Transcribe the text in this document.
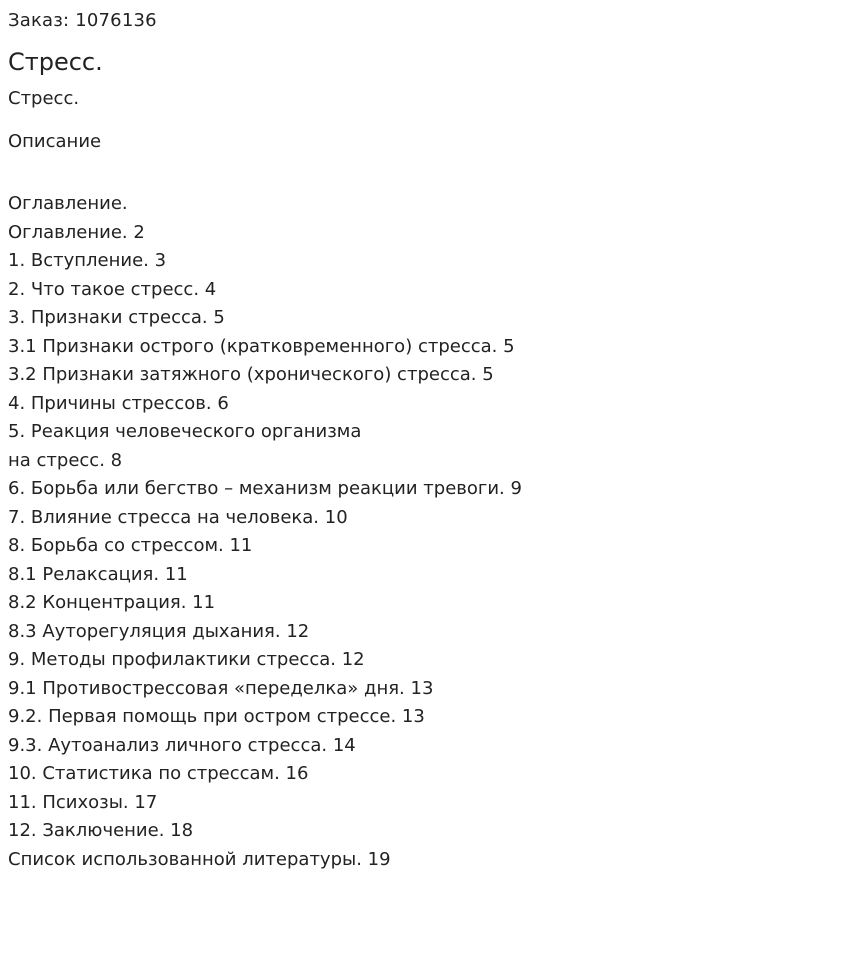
Заказ: 1076136
Стресс.
Стресс.
Описание
Оглавление.
Оглавление. 2
1. Вступление. 3
2. Что такое стресс. 4
3. Признаки стресса. 5
3.1 Признаки острого (кратковременного) стресса. 5
3.2 Признаки затяжного (хронического) стресса. 5
4. Причины стрессов. 6
5. Реакция человеческого организма
на стресс. 8
6. Борьба или бегство – механизм реакции тревоги. 9
7. Влияние стресса на человека. 10
8. Борьба со стрессом. 11
8.1 Релаксация. 11
8.2 Концентрация. 11
8.3 Ауторегуляция дыхания. 12
9. Методы профилактики стресса. 12
9.1 Противострессовая «переделка» дня. 13
9.2. Первая помощь при остром стрессе. 13
9.3. Аутоанализ личного стресса. 14
10. Статистика по стрессам. 16
11. Психозы. 17
12. Заключение. 18
Список использованной литературы. 19
